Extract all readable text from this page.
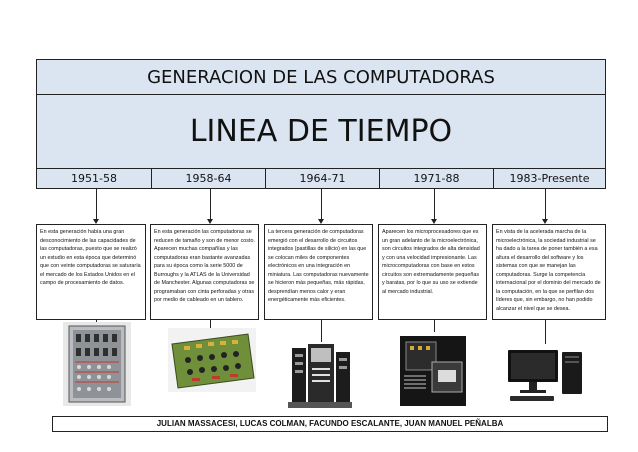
GENERACION DE LAS COMPUTADORAS
LINEA DE TIEMPO
1951-58	1958-64	1964-71	1971-88	1983-Presente
En esta generación había una gran desconocimiento de las capacidades de las computadoras, puesto que se realizó un estudio en esta época que determinó que con veinte computadoras se saturaría el mercado de los Estados Unidos en el campo de procesamiento de datos.
En esta generación las computadoras se reducen de tamaño y son de menor costo. Aparecen muchas compañías y las computadoras eran bastante avanzadas para su época como la serie 5000 de Burroughs y la ATLAS de la Universidad de Manchester. Algunas computadoras se programaban con cinta perforadas y otras por medio de cableado en un tablero.
La tercera generación de computadoras emergió con el desarrollo de circuitos integrados (pastillas de silicio) en las que se colocan miles de componentes electrónicos en una integración en miniatura. Las computadoras nuevamente se hicieron más pequeñas, más rápidas, desprendían menos calor y eran energéticamente más eficientes.
Aparecen los microprocesadores que es un gran adelanto de la microelectrónica, son circuitos integrados de alta densidad y con una velocidad impresionante. Las microcomputadoras con base en estos circuitos son extremadamente pequeñas y baratas, por lo que su uso se extiende al mercado industrial.
En vista de la acelerada marcha de la microelectrónica, la sociedad industrial se ha dado a la tarea de poner también a esa altura el desarrollo del software y los sistemas con que se manejan las computadoras. Surge la competencia internacional por el dominio del mercado de la computación, en la que se perfilan dos líderes que, sin embargo, no han podido alcanzar el nivel que se desea.
JULIAN MASSACESI, LUCAS COLMAN, FACUNDO ESCALANTE, JUAN MANUEL PEÑALBA
